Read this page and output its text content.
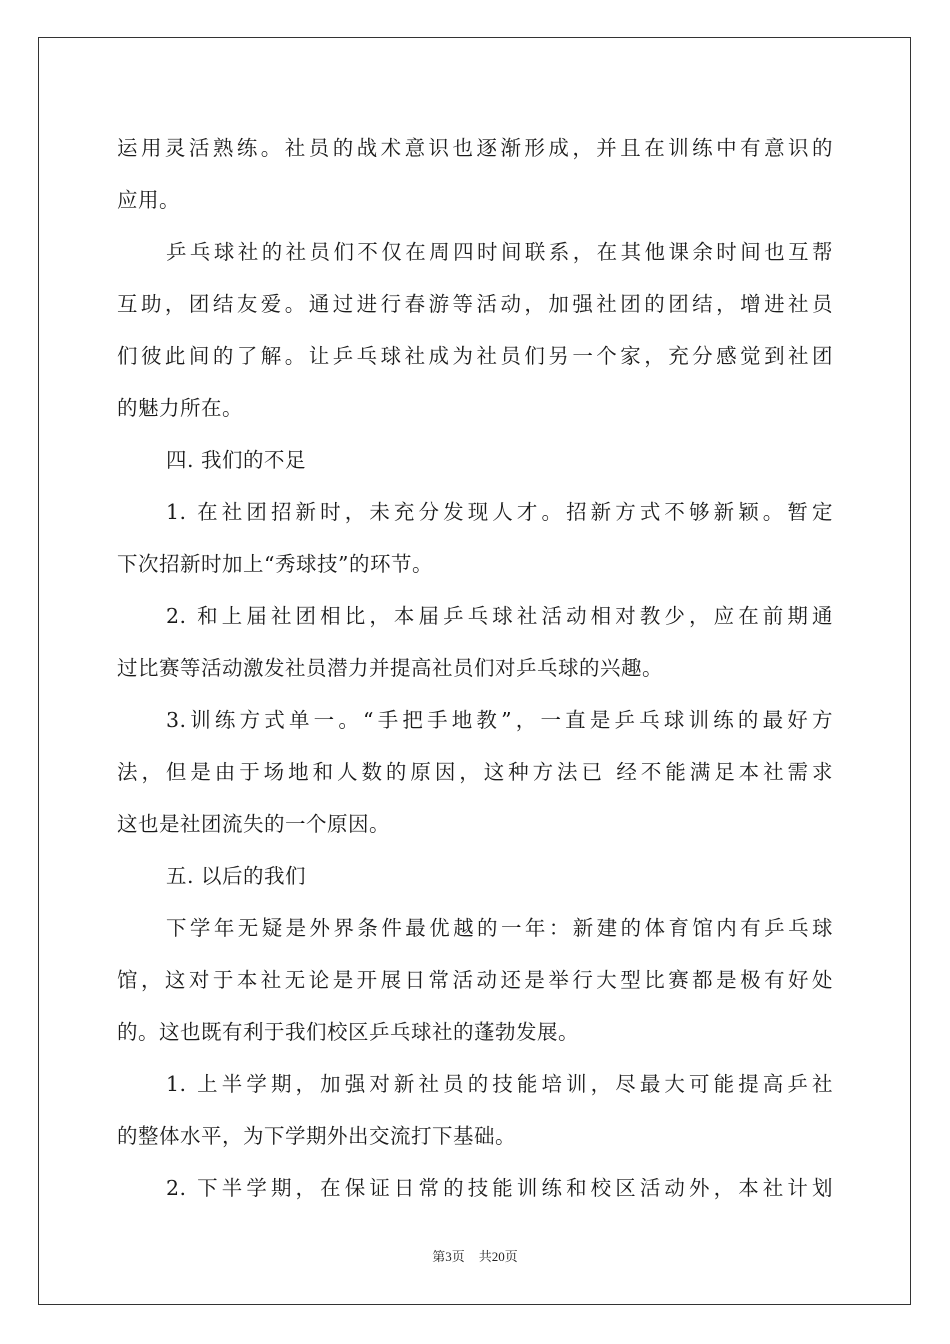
运用灵活熟练。社员的战术意识也逐渐形成，并且在训练中有意识的
应用。
乒乓球社的社员们不仅在周四时间联系，在其他课余时间也互帮
互助，团结友爱。通过进行春游等活动，加强社团的团结，增进社员
们彼此间的了解。让乒乓球社成为社员们另一个家，充分感觉到社团
的魅力所在。
四. 我们的不足
1. 在社团招新时，未充分发现人才。招新方式不够新颖。暂定
下次招新时加上“秀球技”的环节。
2. 和上届社团相比，本届乒乓球社活动相对教少，应在前期通
过比赛等活动激发社员潜力并提高社员们对乒乓球的兴趣。
3.训练方式单一。“手把手地教”，一直是乒乓球训练的最好方
法，但是由于场地和人数的原因，这种方法已 经不能满足本社需求
这也是社团流失的一个原因。
五. 以后的我们
下学年无疑是外界条件最优越的一年：新建的体育馆内有乒乓球
馆，这对于本社无论是开展日常活动还是举行大型比赛都是极有好处
的。这也既有利于我们校区乒乓球社的蓬勃发展。
1. 上半学期，加强对新社员的技能培训，尽最大可能提高乒社
的整体水平，为下学期外出交流打下基础。
2. 下半学期，在保证日常的技能训练和校区活动外，本社计划
第3页 共20页
